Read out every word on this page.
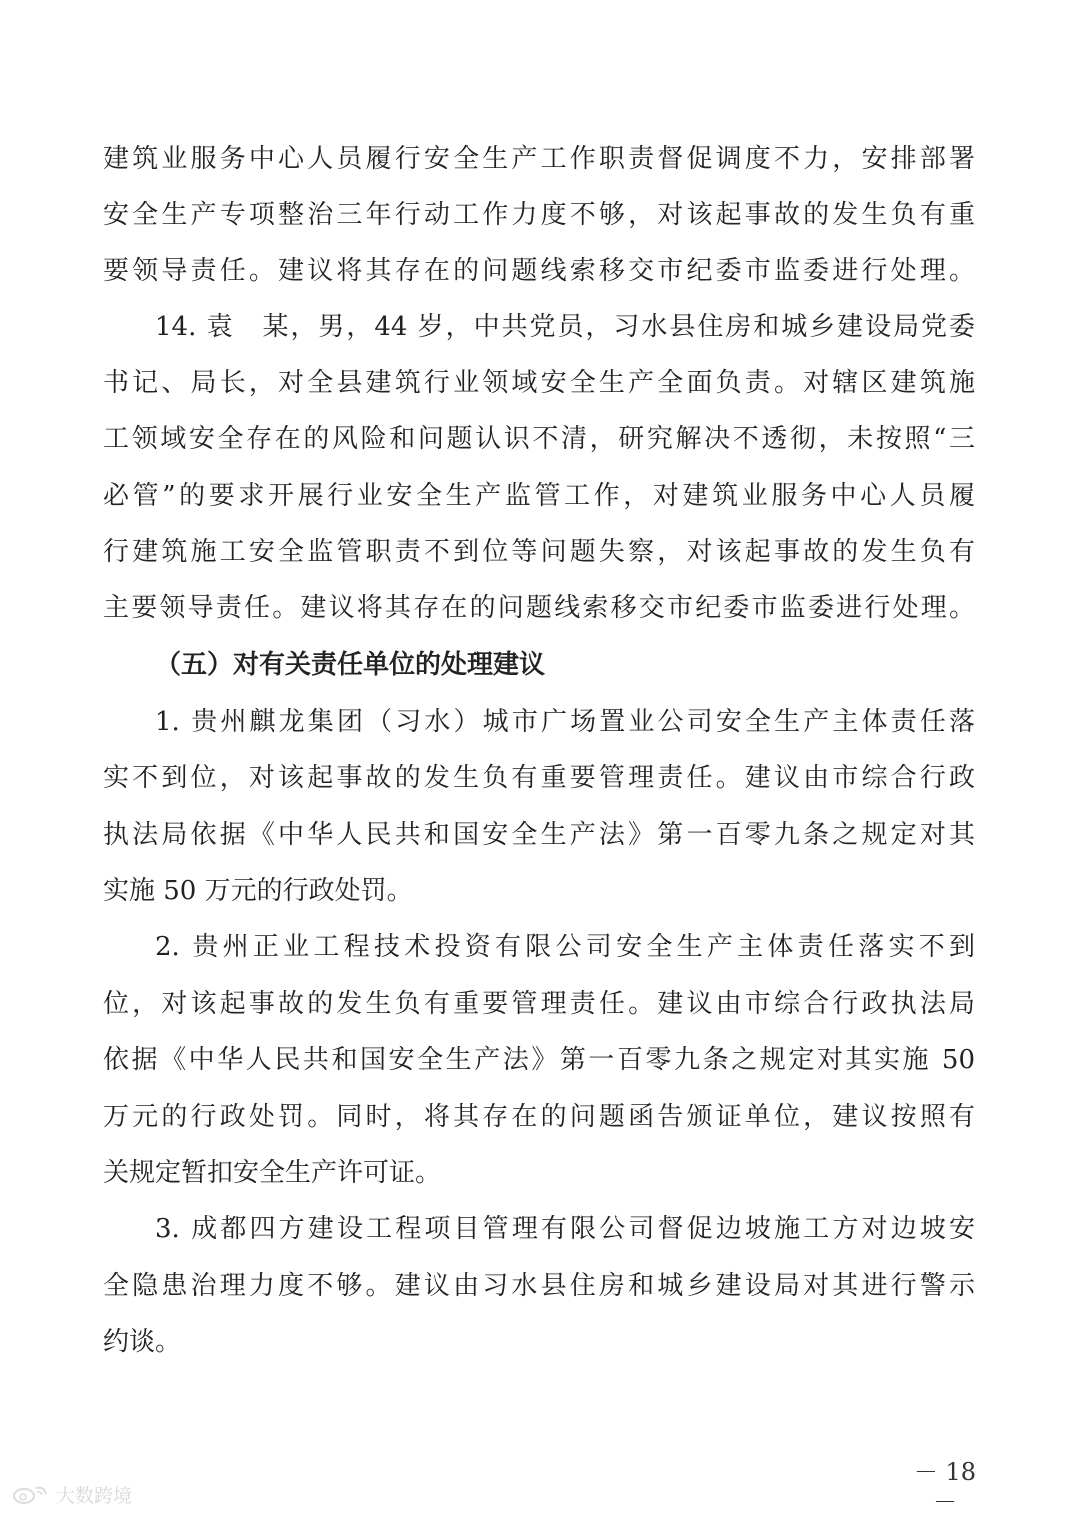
建筑业服务中心人员履行安全生产工作职责督促调度不力，安排部署
安全生产专项整治三年行动工作力度不够，对该起事故的发生负有重
要领导责任。建议将其存在的问题线索移交市纪委市监委进行处理。
14. 袁　某，男，44 岁，中共党员，习水县住房和城乡建设局党委
书记、局长，对全县建筑行业领域安全生产全面负责。对辖区建筑施
工领域安全存在的风险和问题认识不清，研究解决不透彻，未按照“三
必管”的要求开展行业安全生产监管工作，对建筑业服务中心人员履
行建筑施工安全监管职责不到位等问题失察，对该起事故的发生负有
主要领导责任。建议将其存在的问题线索移交市纪委市监委进行处理。
（五）对有关责任单位的处理建议
1. 贵州麒龙集团（习水）城市广场置业公司安全生产主体责任落
实不到位，对该起事故的发生负有重要管理责任。建议由市综合行政
执法局依据《中华人民共和国安全生产法》第一百零九条之规定对其
实施 50 万元的行政处罚。
2. 贵州正业工程技术投资有限公司安全生产主体责任落实不到
位，对该起事故的发生负有重要管理责任。建议由市综合行政执法局
依据《中华人民共和国安全生产法》第一百零九条之规定对其实施 50
万元的行政处罚。同时，将其存在的问题函告颁证单位，建议按照有
关规定暂扣安全生产许可证。
3. 成都四方建设工程项目管理有限公司督促边坡施工方对边坡安
全隐患治理力度不够。建议由习水县住房和城乡建设局对其进行警示
约谈。
－ 18 －
大数跨境
